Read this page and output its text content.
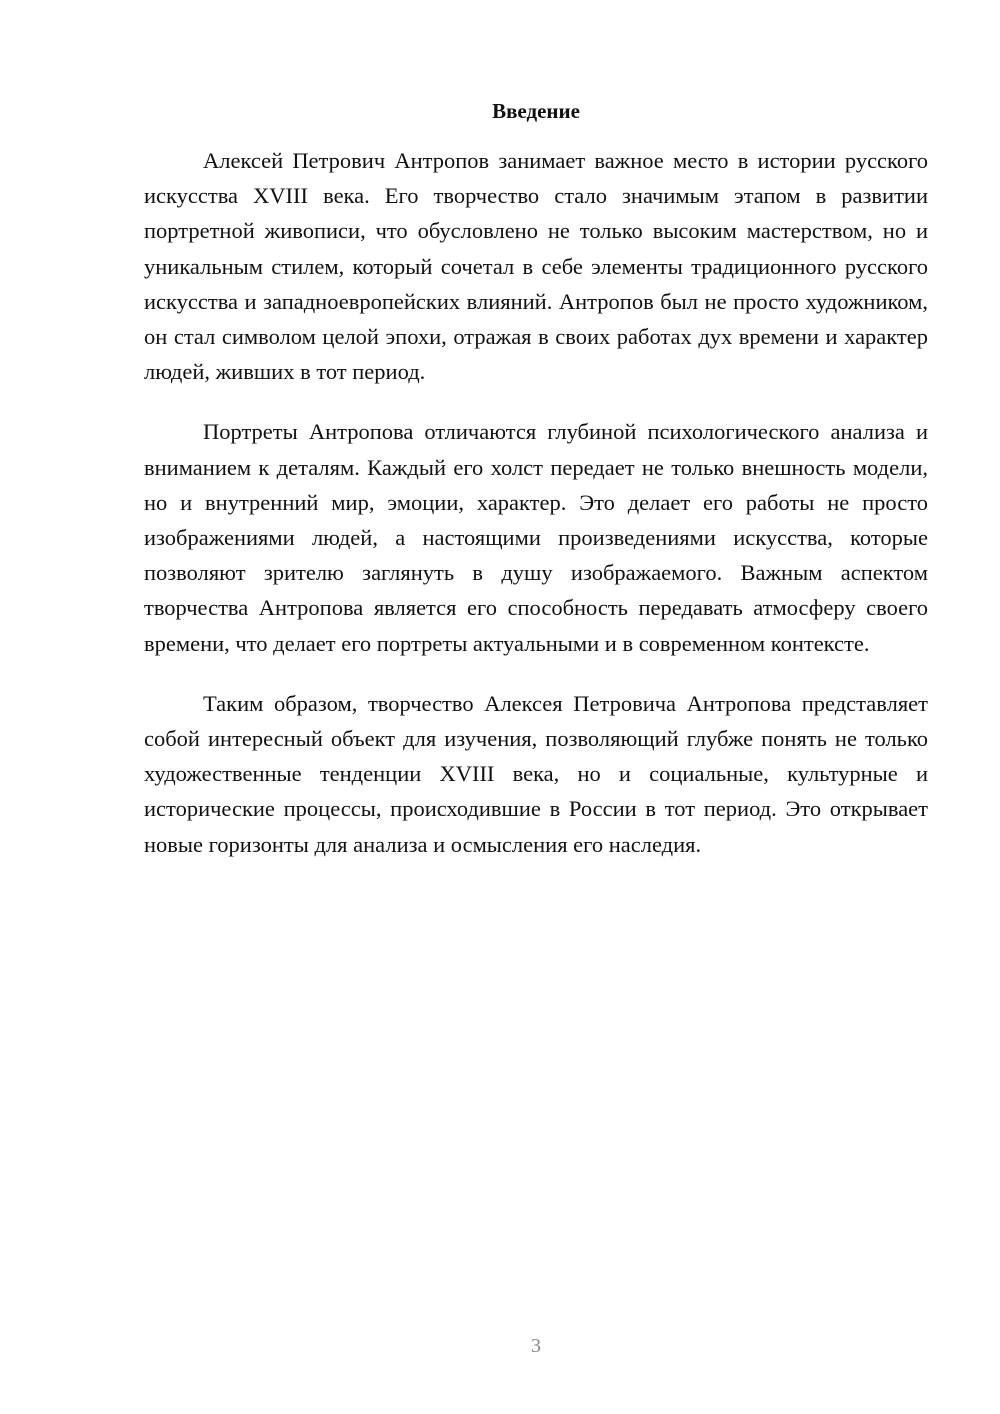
Введение

Алексей Петрович Антропов занимает важное место в истории русского искусства XVIII века. Его творчество стало значимым этапом в развитии портретной живописи, что обусловлено не только высоким мастерством, но и уникальным стилем, который сочетал в себе элементы традиционного русского искусства и западноевропейских влияний. Антропов был не просто художником, он стал символом целой эпохи, отражая в своих работах дух времени и характер людей, живших в тот период.

Портреты Антропова отличаются глубиной психологического анализа и вниманием к деталям. Каждый его холст передает не только внешность модели, но и внутренний мир, эмоции, характер. Это делает его работы не просто изображениями людей, а настоящими произведениями искусства, которые позволяют зрителю заглянуть в душу изображаемого. Важным аспектом творчества Антропова является его способность передавать атмосферу своего времени, что делает его портреты актуальными и в современном контексте.

Таким образом, творчество Алексея Петровича Антропова представляет собой интересный объект для изучения, позволяющий глубже понять не только художественные тенденции XVIII века, но и социальные, культурные и исторические процессы, происходившие в России в тот период. Это открывает новые горизонты для анализа и осмысления его наследия.

3
